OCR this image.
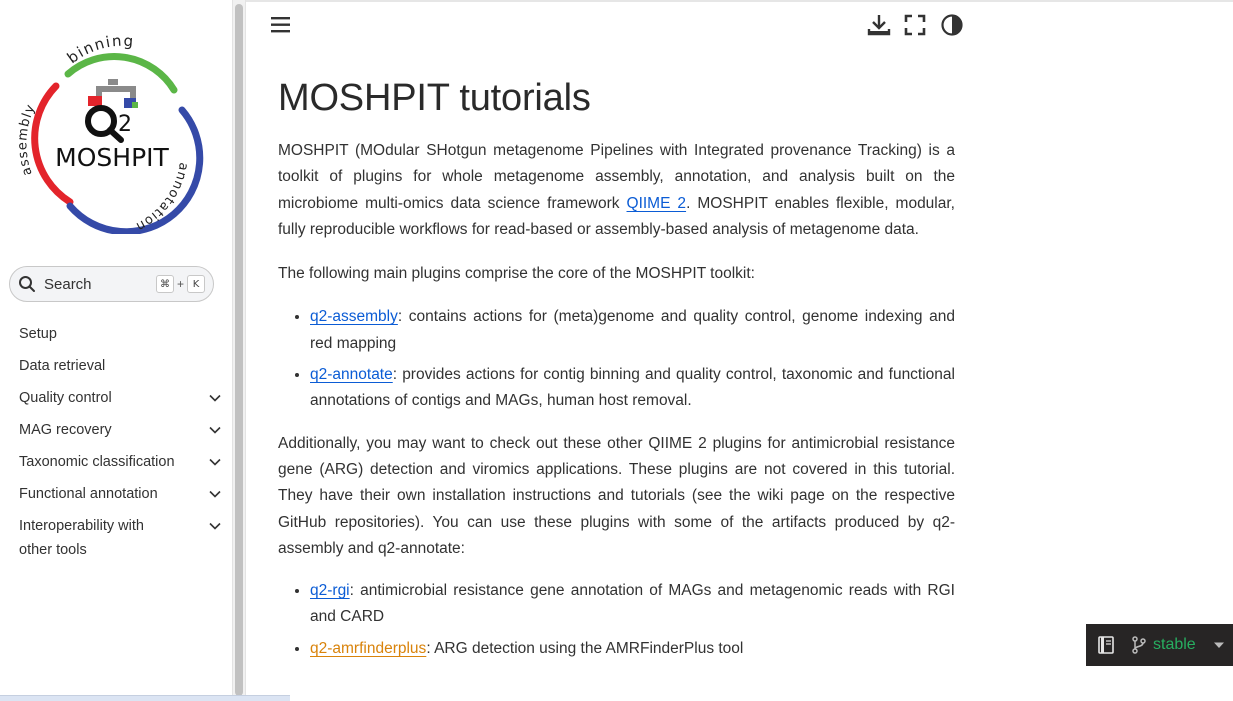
binning
assembly
annotation
2
MOSHPIT
Search	⌘ + K
Setup
Data retrieval
Quality control
MAG recovery
Taxonomic classification
Functional annotation
Interoperability with
other tools
MOSHPIT tutorials

MOSHPIT (MOdular SHotgun metagenome Pipelines with Integrated provenance Tracking) is a toolkit of plugins for whole metagenome assembly, annotation, and analysis built on the microbiome multi-omics data science framework QIIME 2. MOSHPIT enables flexible, modular, fully reproducible workflows for read-based or assembly-based analysis of metagenome data.

The following main plugins comprise the core of the MOSHPIT toolkit:

• q2-assembly: contains actions for (meta)genome and quality control, genome indexing and red mapping
• q2-annotate: provides actions for contig binning and quality control, taxonomic and functional annotations of contigs and MAGs, human host removal.

Additionally, you may want to check out these other QIIME 2 plugins for antimicrobial resistance gene (ARG) detection and viromics applications. These plugins are not covered in this tutorial. They have their own installation instructions and tutorials (see the wiki page on the respective GitHub repositories). You can use these plugins with some of the artifacts produced by q2-assembly and q2-annotate:

• q2-rgi: antimicrobial resistance gene annotation of MAGs and metagenomic reads with RGI and CARD
• q2-amrfinderplus: ARG detection using the AMRFinderPlus tool	stable
